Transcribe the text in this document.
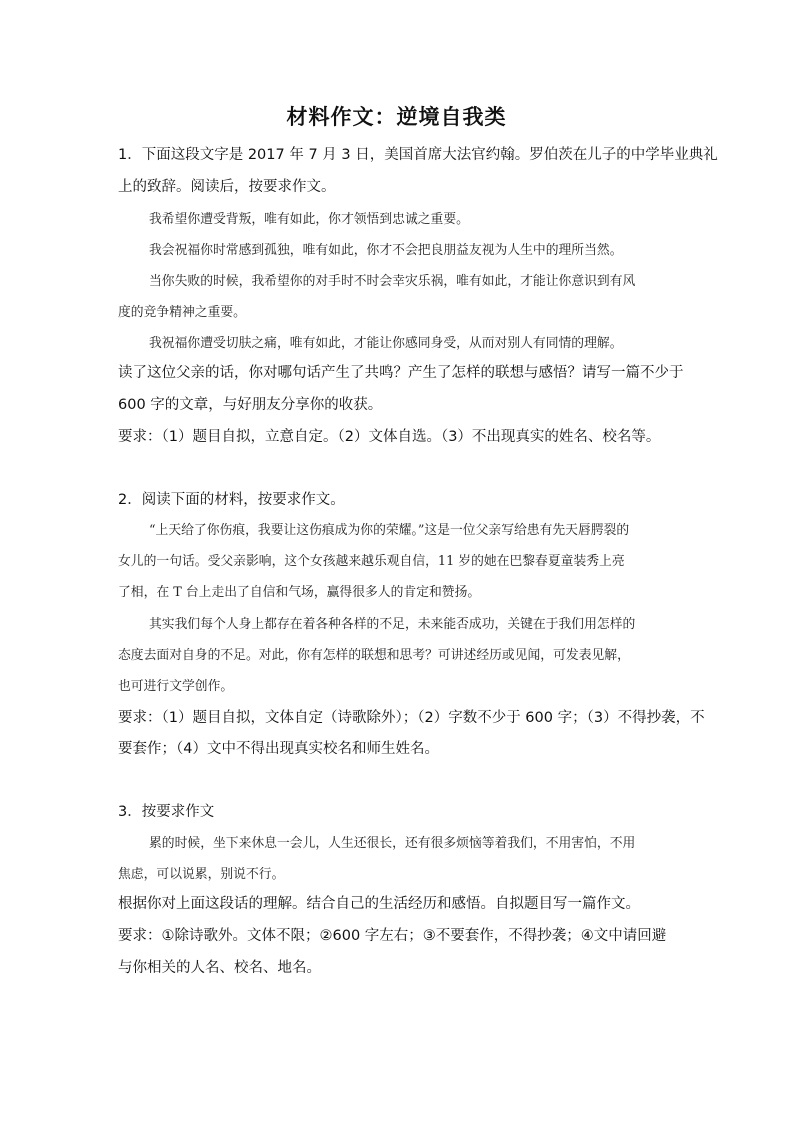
材料作文：逆境自我类
1．下面这段文字是 2017 年 7 月 3 日，美国首席大法官约翰。罗伯茨在儿子的中学毕业典礼
上的致辞。阅读后，按要求作文。
我希望你遭受背叛，唯有如此，你才领悟到忠诚之重要。
我会祝福你时常感到孤独，唯有如此，你才不会把良朋益友视为人生中的理所当然。
当你失败的时候，我希望你的对手时不时会幸灾乐祸，唯有如此，才能让你意识到有风
度的竞争精神之重要。
我祝福你遭受切肤之痛，唯有如此，才能让你感同身受，从而对别人有同情的理解。
读了这位父亲的话，你对哪句话产生了共鸣？产生了怎样的联想与感悟？请写一篇不少于
600 字的文章，与好朋友分享你的收获。
要求：（1）题目自拟，立意自定。（2）文体自选。（3）不出现真实的姓名、校名等。
2．阅读下面的材料，按要求作文。
“上天给了你伤痕，我要让这伤痕成为你的荣耀。”这是一位父亲写给患有先天唇腭裂的
女儿的一句话。受父亲影响，这个女孩越来越乐观自信，11 岁的她在巴黎春夏童装秀上亮
了相，在 T 台上走出了自信和气场，赢得很多人的肯定和赞扬。
其实我们每个人身上都存在着各种各样的不足，未来能否成功，关键在于我们用怎样的
态度去面对自身的不足。对此，你有怎样的联想和思考？可讲述经历或见闻，可发表见解，
也可进行文学创作。
要求：（1）题目自拟，文体自定（诗歌除外）；（2）字数不少于 600 字；（3）不得抄袭，不
要套作；（4）文中不得出现真实校名和师生姓名。
3．按要求作文
累的时候，坐下来休息一会儿，人生还很长，还有很多烦恼等着我们，不用害怕，不用
焦虑，可以说累，别说不行。
根据你对上面这段话的理解。结合自己的生活经历和感悟。自拟题目写一篇作文。
要求：①除诗歌外。文体不限；②600 字左右；③不要套作，不得抄袭；④文中请回避
与你相关的人名、校名、地名。
